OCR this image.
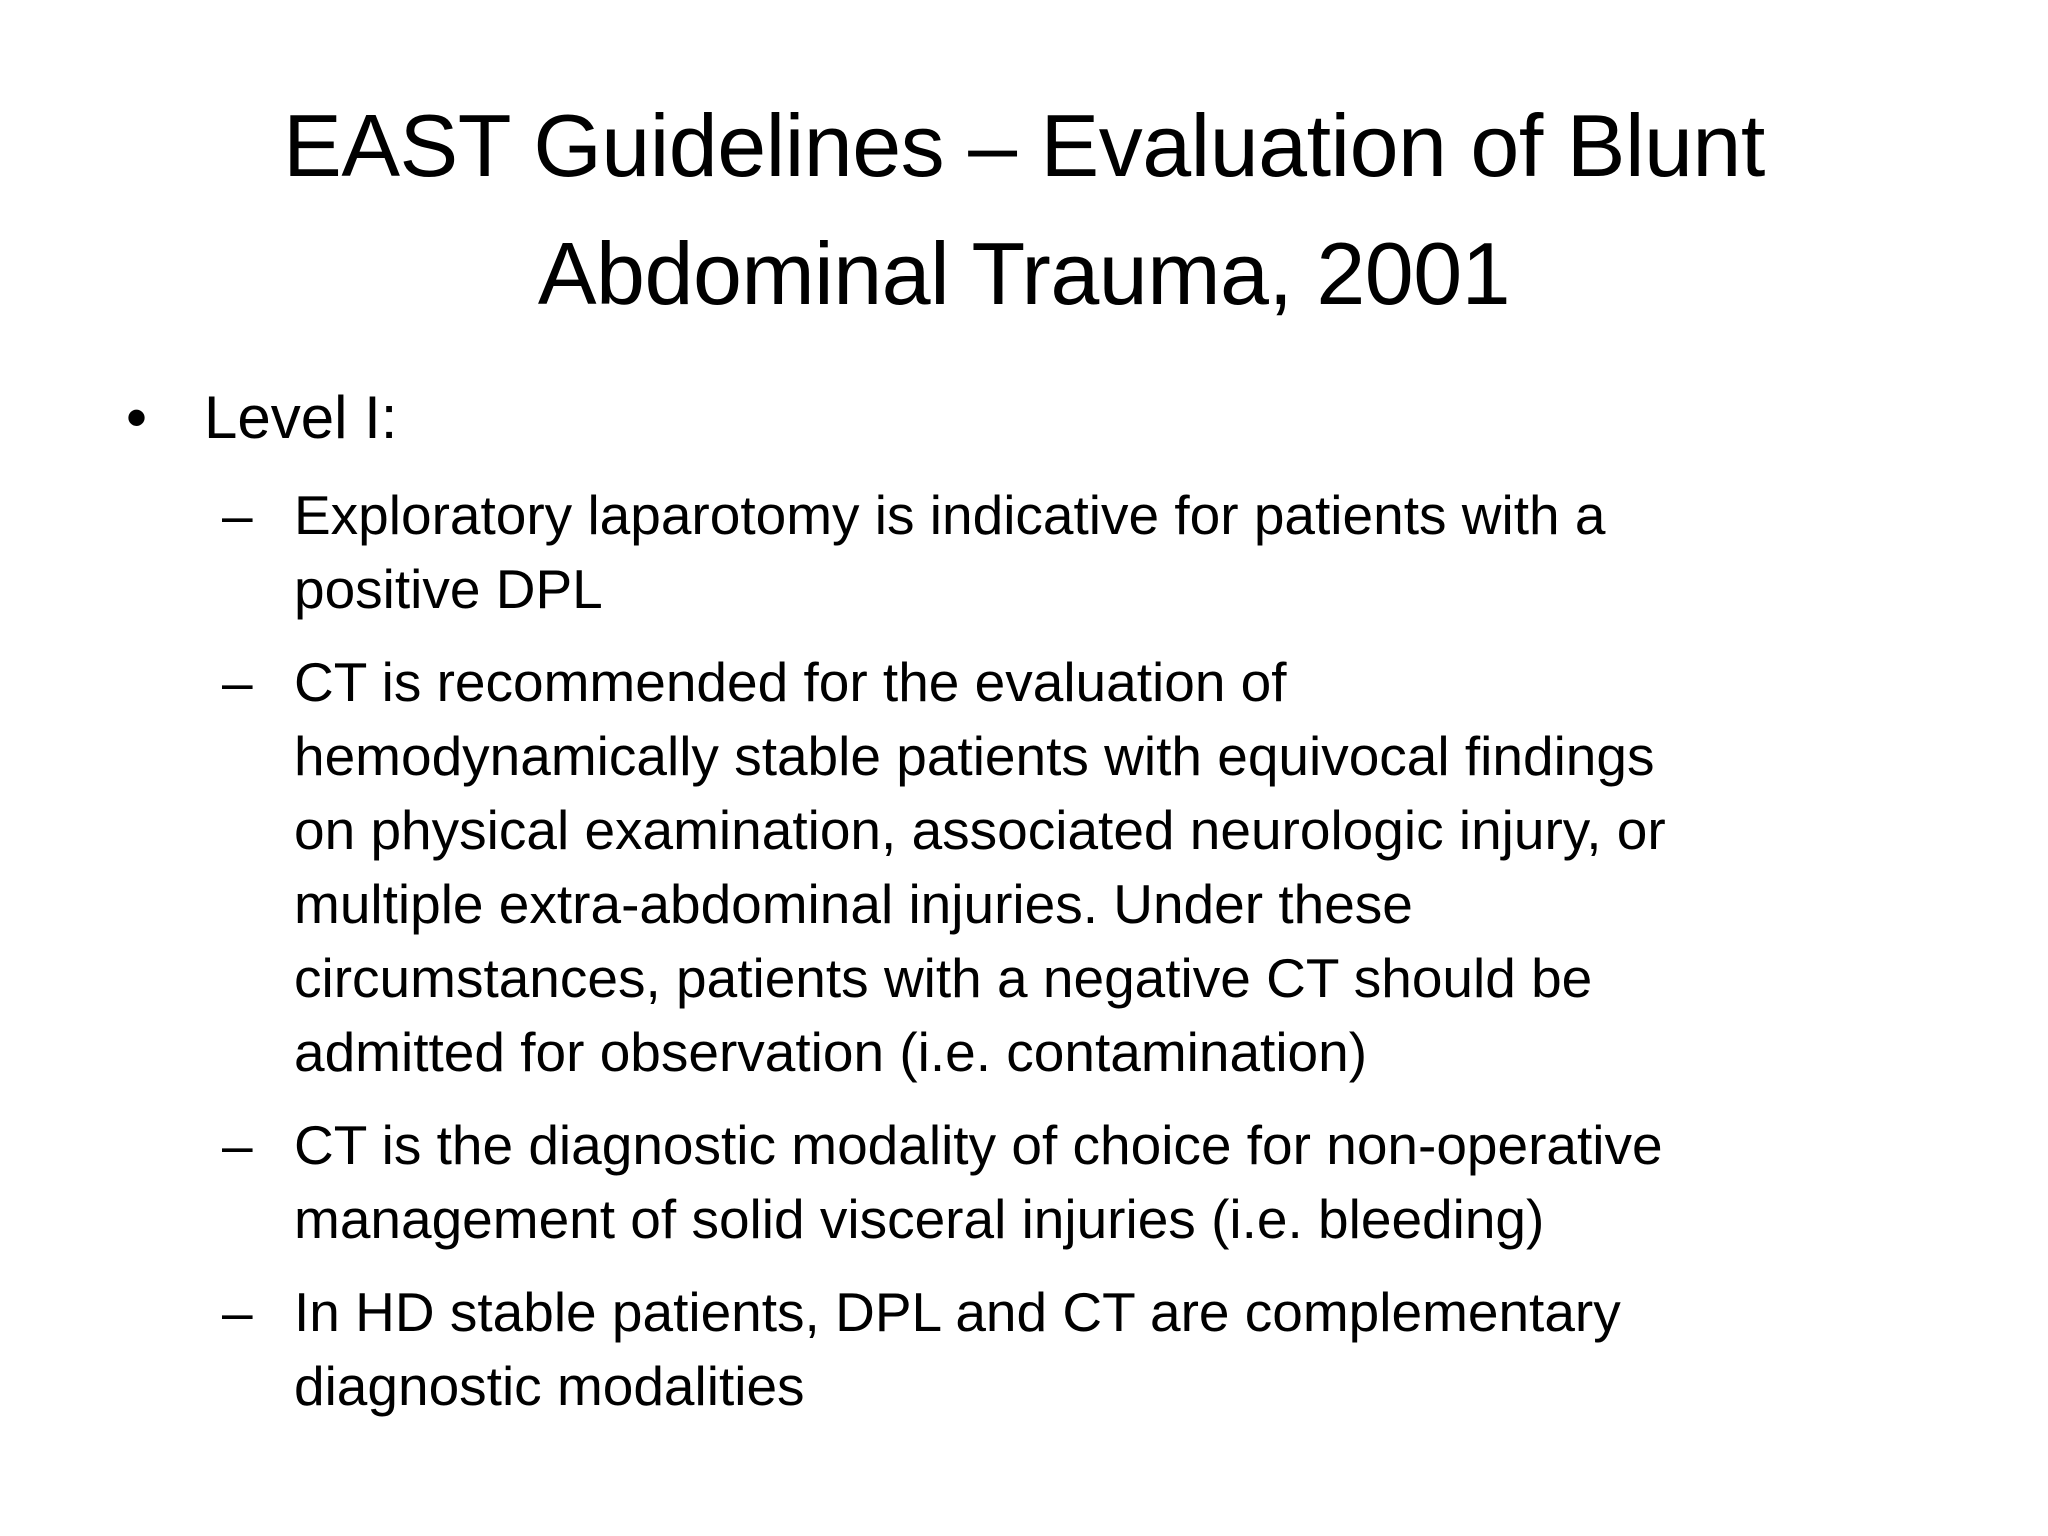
EAST Guidelines – Evaluation of Blunt
Abdominal Trauma, 2001
• Level I:
– Exploratory laparotomy is indicative for patients with a
positive DPL
– CT is recommended for the evaluation of
hemodynamically stable patients with equivocal findings
on physical examination, associated neurologic injury, or
multiple extra-abdominal injuries. Under these
circumstances, patients with a negative CT should be
admitted for observation (i.e. contamination)
– CT is the diagnostic modality of choice for non-operative
management of solid visceral injuries (i.e. bleeding)
– In HD stable patients, DPL and CT are complementary
diagnostic modalities
